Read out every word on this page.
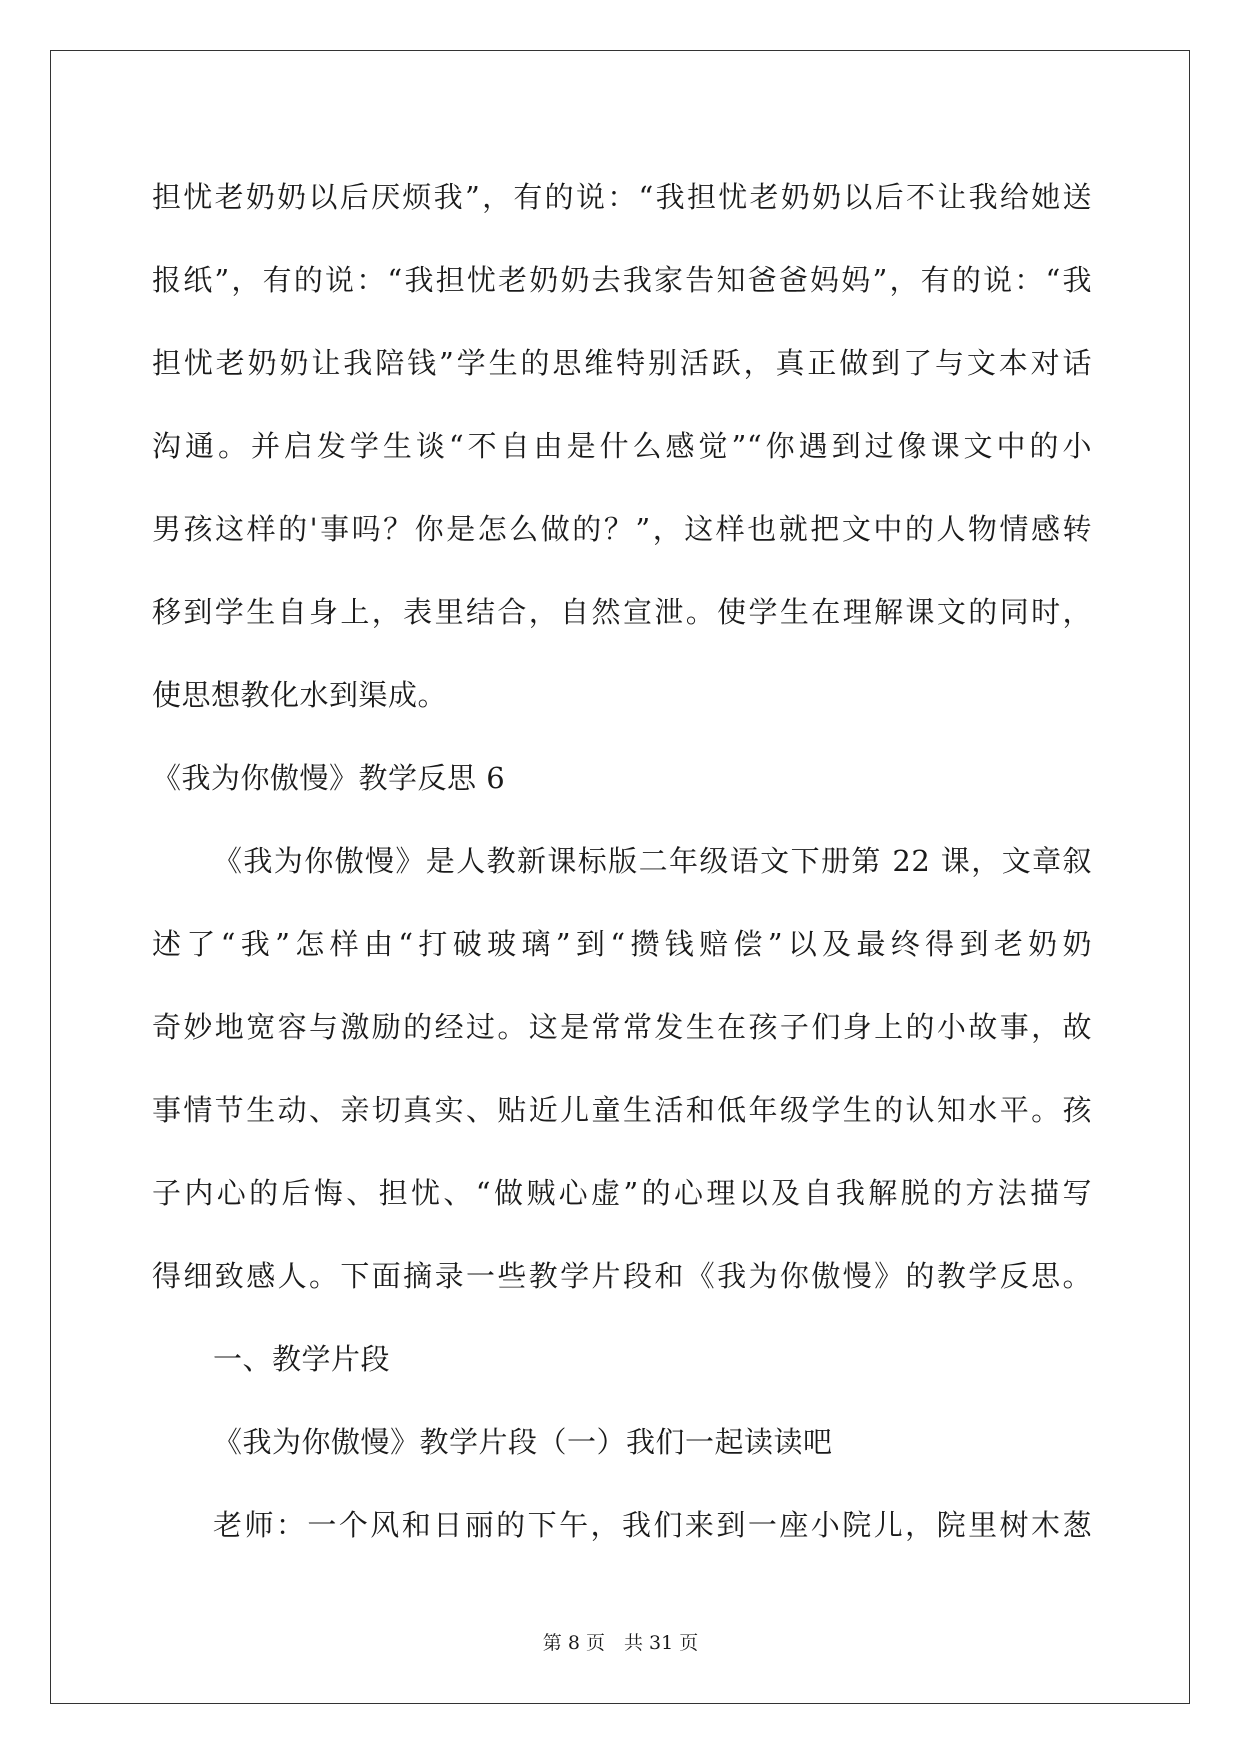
担忧老奶奶以后厌烦我”，有的说：“我担忧老奶奶以后不让我给她送
报纸”，有的说：“我担忧老奶奶去我家告知爸爸妈妈”，有的说：“我
担忧老奶奶让我陪钱”学生的思维特别活跃，真正做到了与文本对话
沟通。并启发学生谈“不自由是什么感觉”“你遇到过像课文中的小
男孩这样的'事吗？你是怎么做的？”，这样也就把文中的人物情感转
移到学生自身上，表里结合，自然宣泄。使学生在理解课文的同时，
使思想教化水到渠成。
《我为你傲慢》教学反思 6
《我为你傲慢》是人教新课标版二年级语文下册第 22 课，文章叙
述了“我”怎样由“打破玻璃”到“攒钱赔偿”以及最终得到老奶奶
奇妙地宽容与激励的经过。这是常常发生在孩子们身上的小故事，故
事情节生动、亲切真实、贴近儿童生活和低年级学生的认知水平。孩
子内心的后悔、担忧、“做贼心虚”的心理以及自我解脱的方法描写
得细致感人。下面摘录一些教学片段和《我为你傲慢》的教学反思。
一、教学片段
《我为你傲慢》教学片段（一）我们一起读读吧
老师：一个风和日丽的下午，我们来到一座小院儿，院里树木葱
第 8 页　共 31 页
